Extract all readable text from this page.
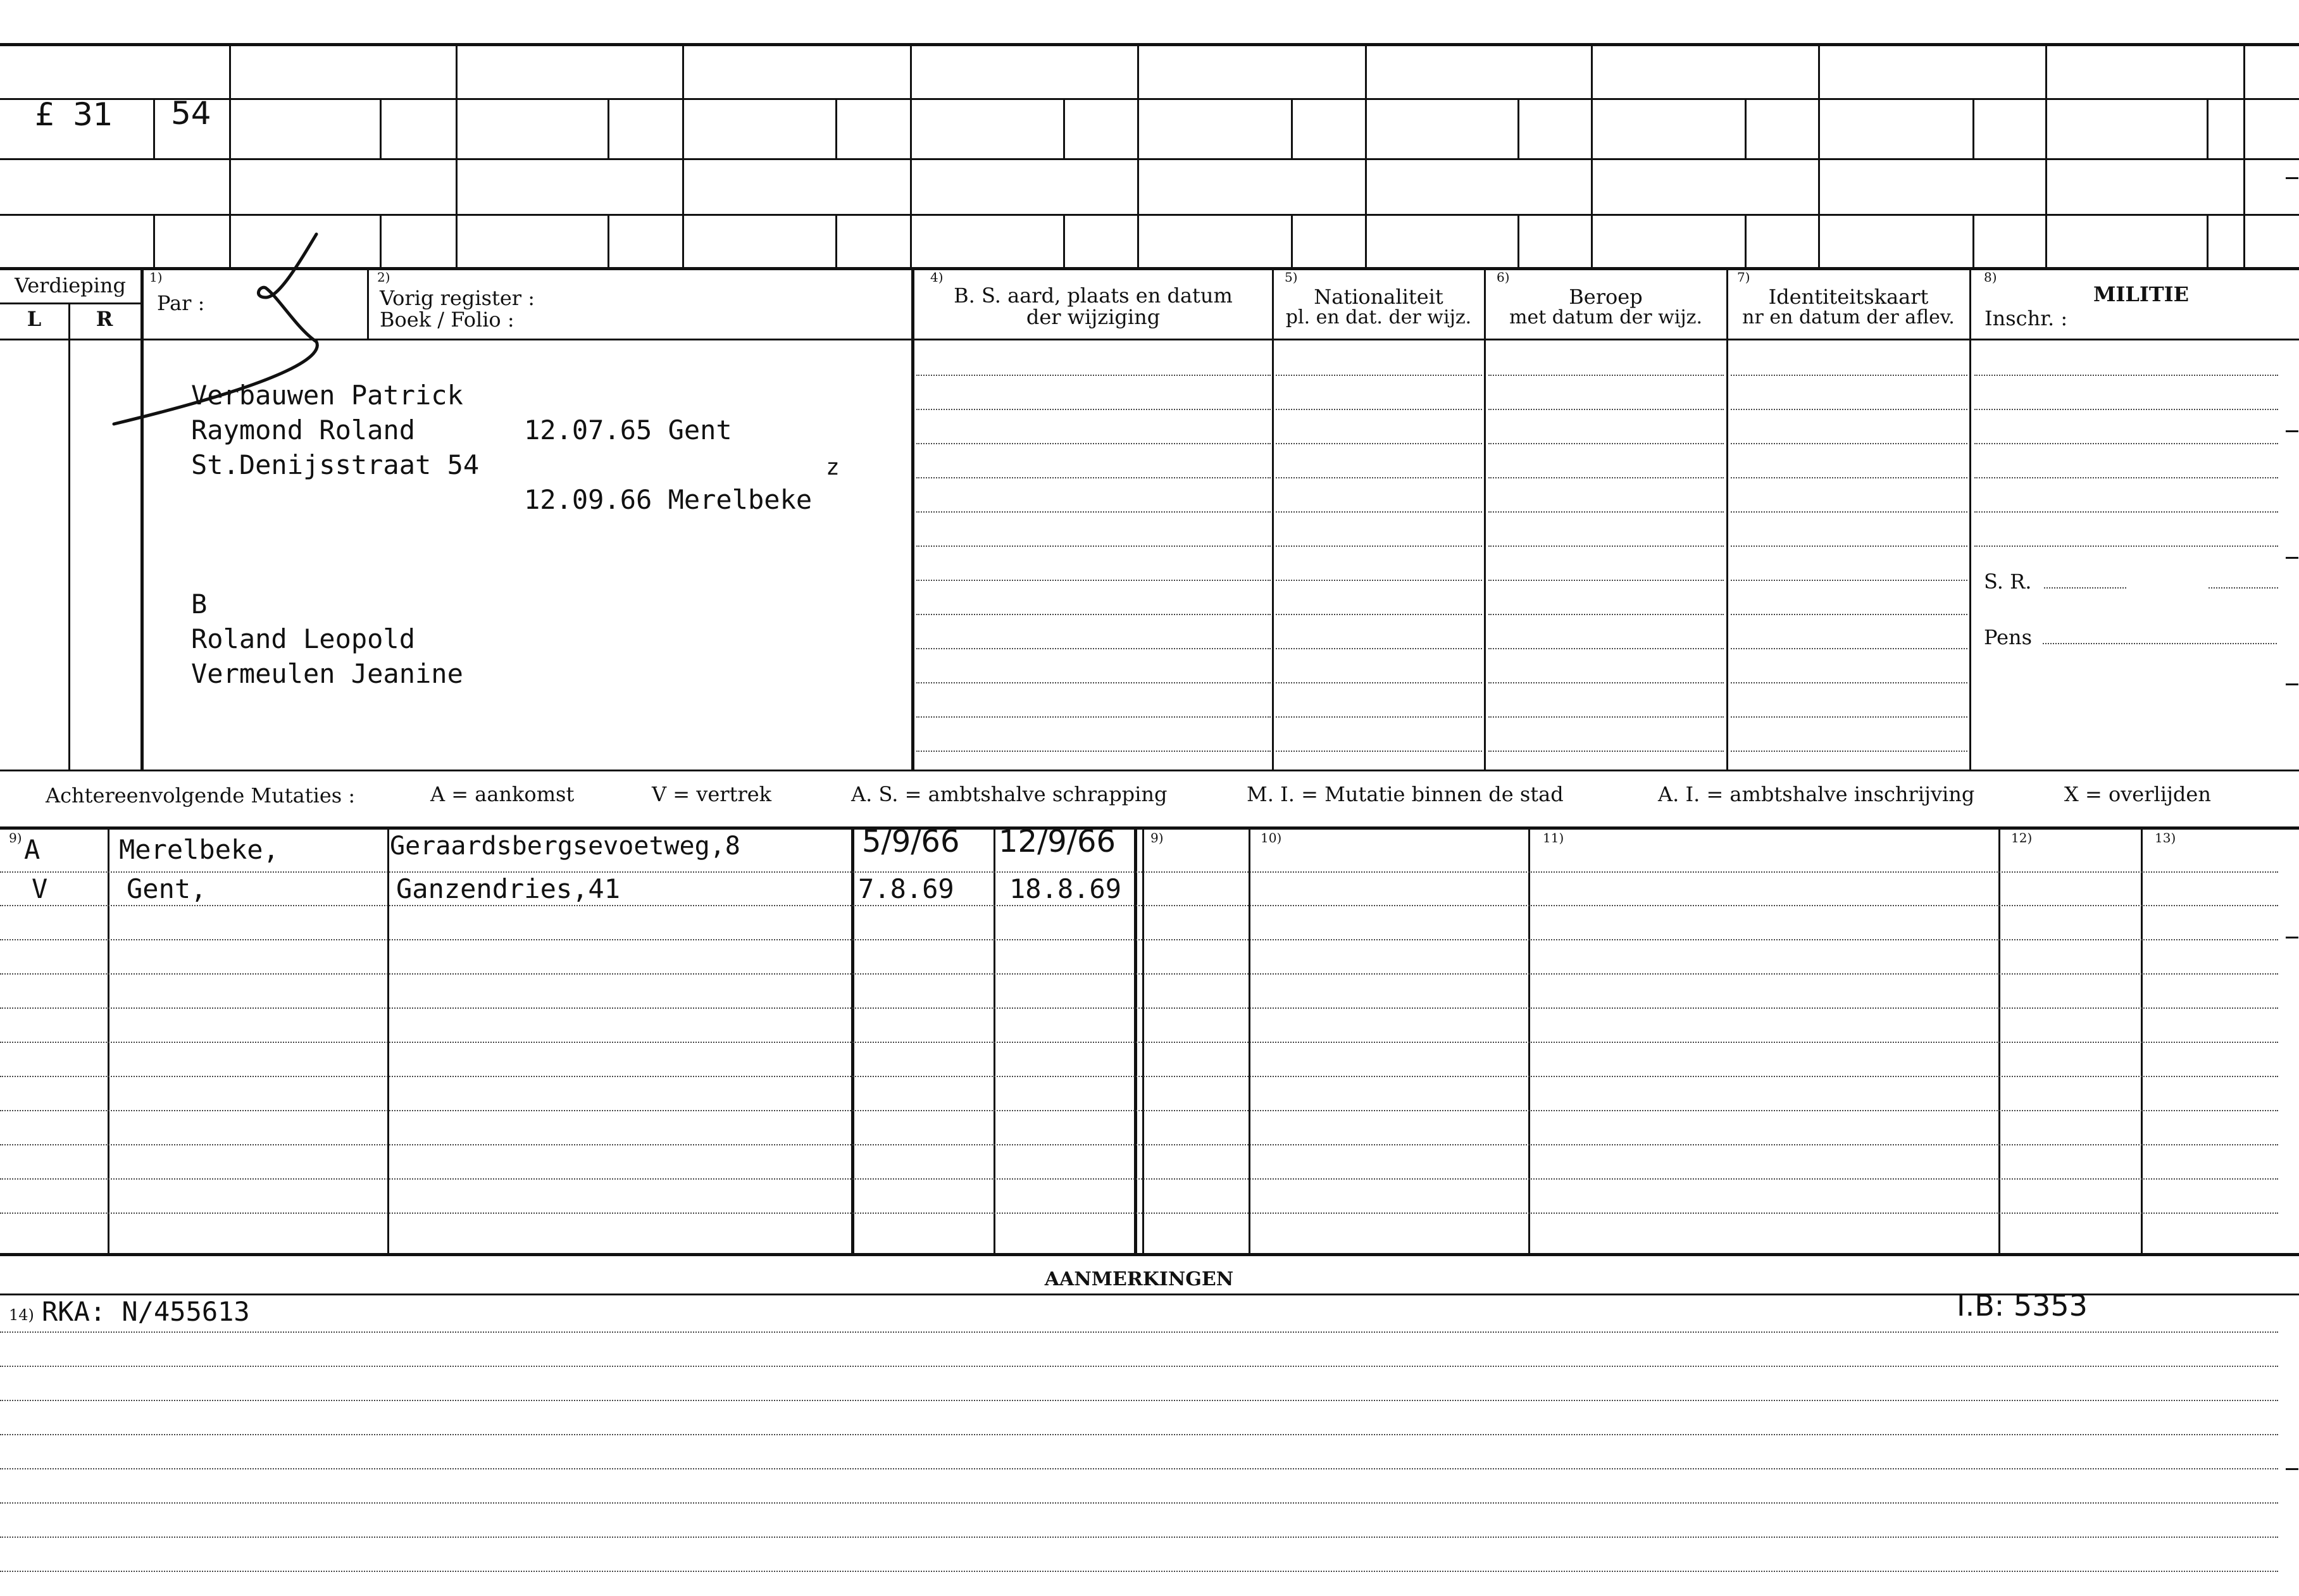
£ 31 54
Verdieping
L	R
1)
Par :
2)
Vorig register :
Boek / Folio :
4)
B. S. aard, plaats en datum
der wijziging
5)
Nationaliteit
pl. en dat. der wijz.
6)
Beroep
met datum der wijz.
7)
Identiteitskaart
nr en datum der aflev.
8)
MILITIE
Inschr. :
S. R.
Pens
Verbauwen Patrick
Raymond Roland	12.07.65 Gent
St.Denijsstraat 54	z
12.09.66 Merelbeke
B
Roland Leopold
Vermeulen Jeanine
Achtereenvolgende Mutaties :	A = aankomst	V = vertrek	A. S. = ambtshalve schrapping	M. I. = Mutatie binnen de stad	A. I. = ambtshalve inschrijving	X = overlijden
9)	9)	10)	11)	12)	13)
A	Merelbeke,	Geraardsbergsevoetweg,8	5/9/66 12/9/66
V	Gent,	Ganzendries,41	7.8.69 18.8.69
AANMERKINGEN
14) RKA: N/455613	I.B: 5353
